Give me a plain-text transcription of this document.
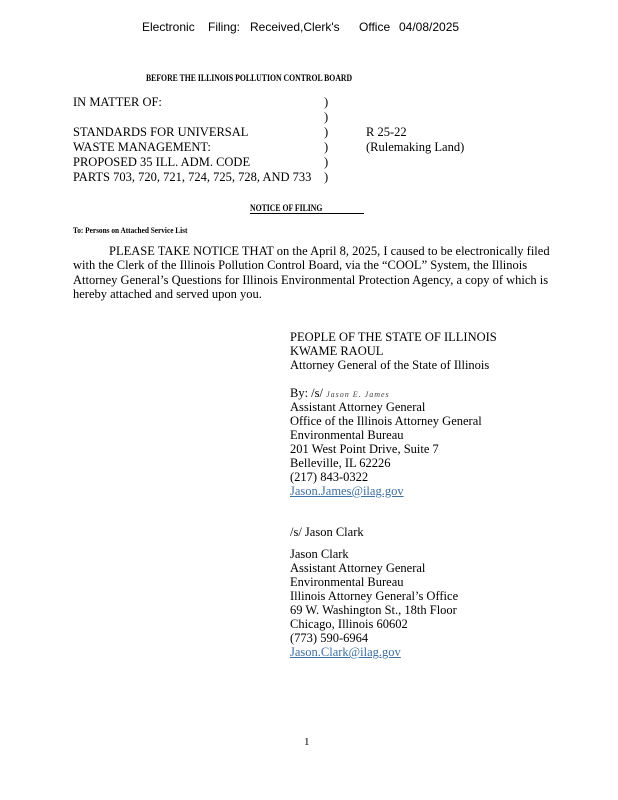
Electronic Filing: Received,Clerk's Office 04/08/2025
BEFORE THE ILLINOIS POLLUTION CONTROL BOARD
IN MATTER OF:
STANDARDS FOR UNIVERSAL
WASTE MANAGEMENT:
PROPOSED 35 ILL. ADM. CODE
PARTS 703, 720, 721, 724, 725, 728, AND 733
)
)
)
)
)
)
R 25-22
(Rulemaking Land)
NOTICE OF FILING
To: Persons on Attached Service List
PLEASE TAKE NOTICE THAT on the April 8, 2025, I caused to be electronically filed
with the Clerk of the Illinois Pollution Control Board, via the “COOL” System, the Illinois
Attorney General’s Questions for Illinois Environmental Protection Agency, a copy of which is
hereby attached and served upon you.
PEOPLE OF THE STATE OF ILLINOIS
KWAME RAOUL
Attorney General of the State of Illinois
By: /s/ Jason E. James
Assistant Attorney General
Office of the Illinois Attorney General
Environmental Bureau
201 West Point Drive, Suite 7
Belleville, IL 62226
(217) 843-0322
Jason.James@ilag.gov
/s/ Jason Clark
Jason Clark
Assistant Attorney General
Environmental Bureau
Illinois Attorney General’s Office
69 W. Washington St., 18th Floor
Chicago, Illinois 60602
(773) 590-6964
Jason.Clark@ilag.gov
1
